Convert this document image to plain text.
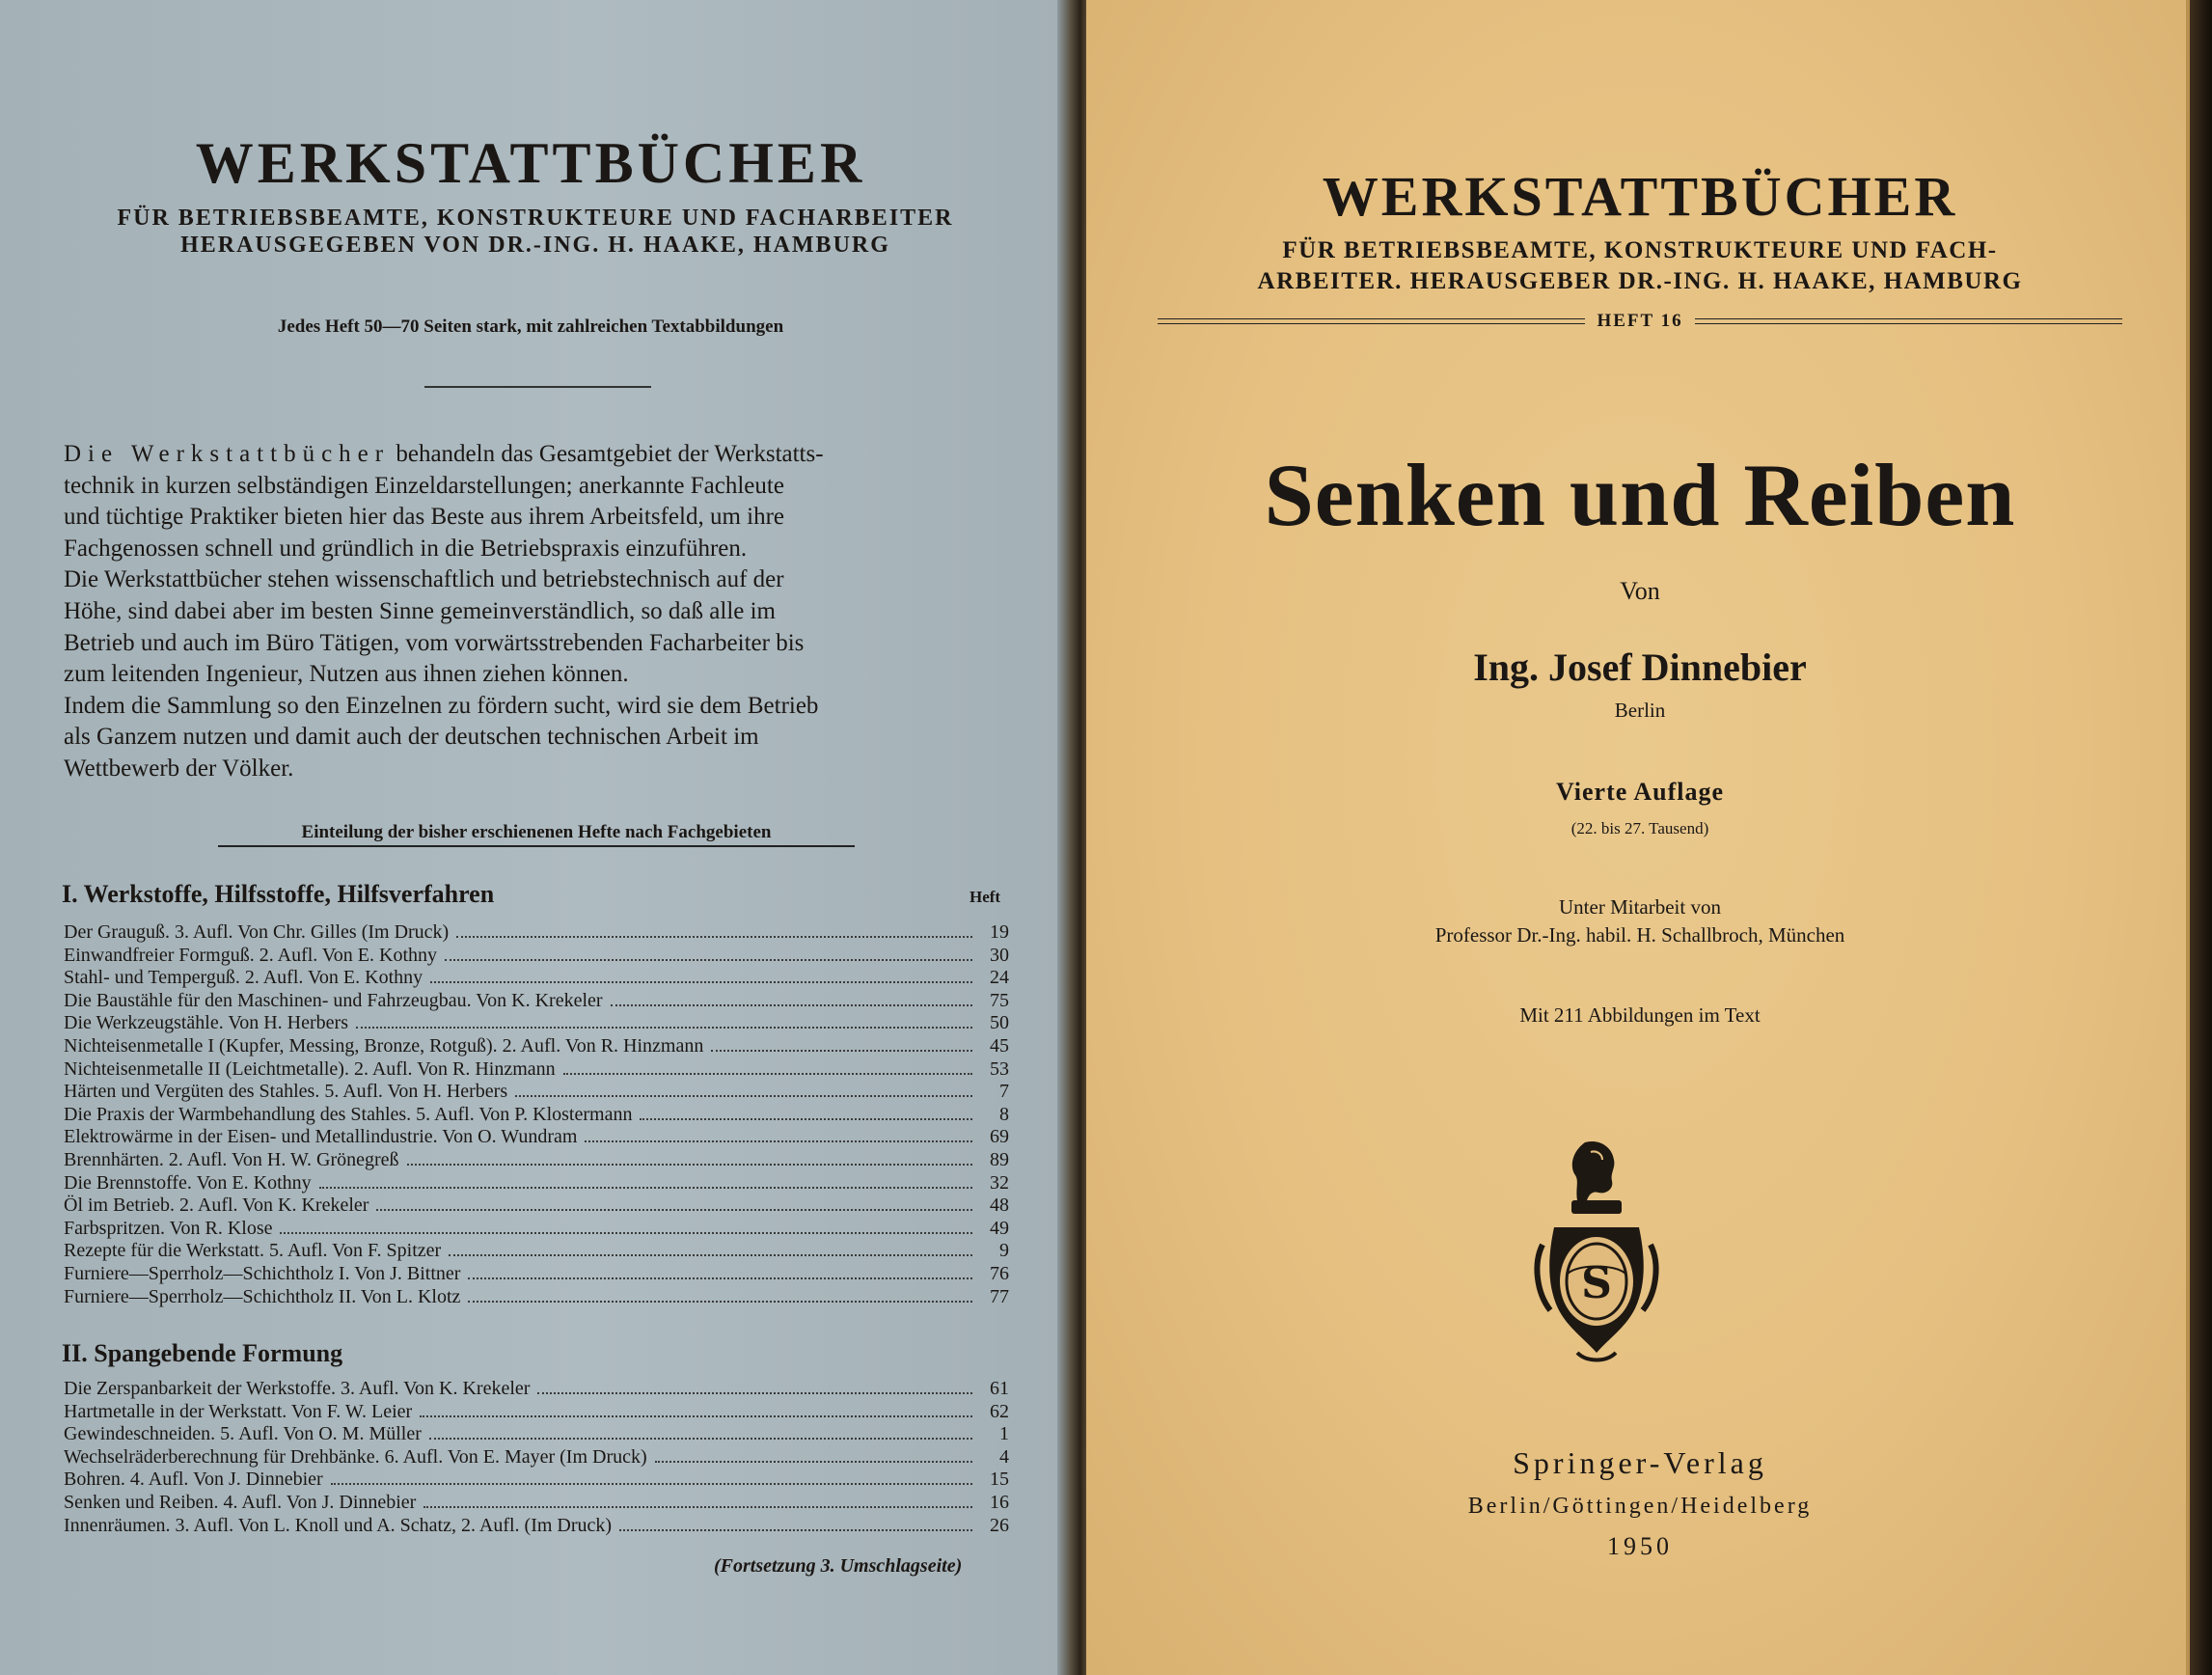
WERKSTATTBÜCHER
FÜR BETRIEBSBEAMTE, KONSTRUKTEURE UND FACHARBEITER
HERAUSGEGEBEN VON DR.-ING. H. HAAKE, HAMBURG
Jedes Heft 50—70 Seiten stark, mit zahlreichen Textabbildungen

Die Werkstattbücher behandeln das Gesamtgebiet der Werkstatts-

technik in kurzen selbständigen Einzeldarstellungen; anerkannte Fachleute

und tüchtige Praktiker bieten hier das Beste aus ihrem Arbeitsfeld, um ihre

Fachgenossen schnell und gründlich in die Betriebspraxis einzuführen.

Die Werkstattbücher stehen wissenschaftlich und betriebstechnisch auf der

Höhe, sind dabei aber im besten Sinne gemeinverständlich, so daß alle im

Betrieb und auch im Büro Tätigen, vom vorwärtsstrebenden Facharbeiter bis

zum leitenden Ingenieur, Nutzen aus ihnen ziehen können.

Indem die Sammlung so den Einzelnen zu fördern sucht, wird sie dem Betrieb

als Ganzem nutzen und damit auch der deutschen technischen Arbeit im

Wettbewerb der Völker.

Einteilung der bisher erschienenen Hefte nach Fachgebieten
I. Werkstoffe, Hilfsstoffe, Hilfsverfahren	Heft
Der Grauguß. 3. Aufl. Von Chr. Gilles (Im Druck)	19
Einwandfreier Formguß. 2. Aufl. Von E. Kothny	30
Stahl- und Temperguß. 2. Aufl. Von E. Kothny	24
Die Baustähle für den Maschinen- und Fahrzeugbau. Von K. Krekeler	75
Die Werkzeugstähle. Von H. Herbers	50
Nichteisenmetalle I (Kupfer, Messing, Bronze, Rotguß). 2. Aufl. Von R. Hinzmann	45
Nichteisenmetalle II (Leichtmetalle). 2. Aufl. Von R. Hinzmann	53
Härten und Vergüten des Stahles. 5. Aufl. Von H. Herbers	7
Die Praxis der Warmbehandlung des Stahles. 5. Aufl. Von P. Klostermann	8
Elektrowärme in der Eisen- und Metallindustrie. Von O. Wundram	69
Brennhärten. 2. Aufl. Von H. W. Grönegreß	89
Die Brennstoffe. Von E. Kothny	32
Öl im Betrieb. 2. Aufl. Von K. Krekeler	48
Farbspritzen. Von R. Klose	49
Rezepte für die Werkstatt. 5. Aufl. Von F. Spitzer	9
Furniere—Sperrholz—Schichtholz I. Von J. Bittner	76
Furniere—Sperrholz—Schichtholz II. Von L. Klotz	77
II. Spangebende Formung
Die Zerspanbarkeit der Werkstoffe. 3. Aufl. Von K. Krekeler	61
Hartmetalle in der Werkstatt. Von F. W. Leier	62
Gewindeschneiden. 5. Aufl. Von O. M. Müller	1
Wechselräderberechnung für Drehbänke. 6. Aufl. Von E. Mayer (Im Druck)	4
Bohren. 4. Aufl. Von J. Dinnebier	15
Senken und Reiben. 4. Aufl. Von J. Dinnebier	16
Innenräumen. 3. Aufl. Von L. Knoll und A. Schatz, 2. Aufl. (Im Druck)	26
(Fortsetzung 3. Umschlagseite)
WERKSTATTBÜCHER
FÜR BETRIEBSBEAMTE, KONSTRUKTEURE UND FACH-
ARBEITER. HERAUSGEBER DR.-ING. H. HAAKE, HAMBURG
HEFT 16
Senken und Reiben
Von
Ing. Josef Dinnebier
Berlin
Vierte Auflage
(22. bis 27. Tausend)
Unter Mitarbeit von
Professor Dr.-Ing. habil. H. Schallbroch, München
Mit 211 Abbildungen im Text
S
Springer-Verlag
Berlin/Göttingen/Heidelberg
1950
